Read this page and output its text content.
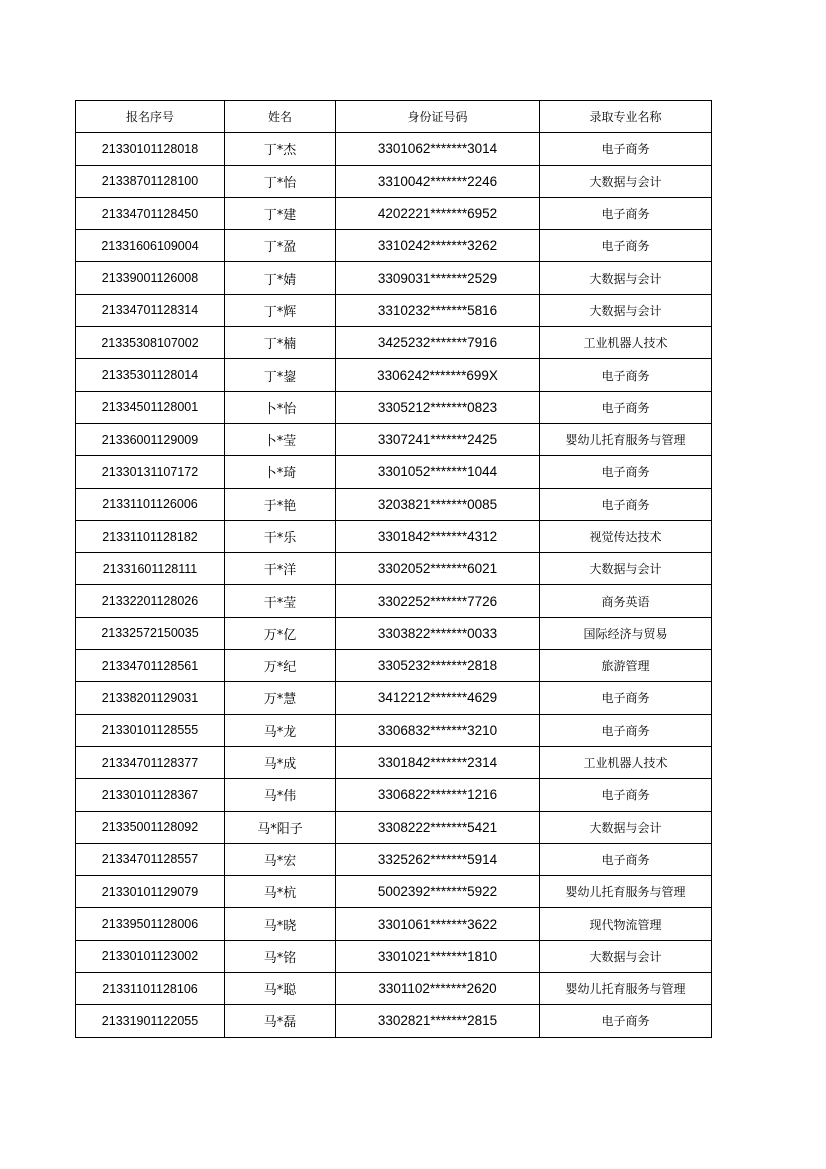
报名序号	姓名	身份证号码	录取专业名称
21330101128018	丁*杰	3301062*******3014	电子商务
21338701128100	丁*怡	3310042*******2246	大数据与会计
21334701128450	丁*建	4202221*******6952	电子商务
21331606109004	丁*盈	3310242*******3262	电子商务
21339001126008	丁*婧	3309031*******2529	大数据与会计
21334701128314	丁*辉	3310232*******5816	大数据与会计
21335308107002	丁*楠	3425232*******7916	工业机器人技术
21335301128014	丁*鋆	3306242*******699X	电子商务
21334501128001	卜*怡	3305212*******0823	电子商务
21336001129009	卜*莹	3307241*******2425	婴幼儿托育服务与管理
21330131107172	卜*琦	3301052*******1044	电子商务
21331101126006	于*艳	3203821*******0085	电子商务
21331101128182	干*乐	3301842*******4312	视觉传达技术
21331601128111	干*洋	3302052*******6021	大数据与会计
21332201128026	干*莹	3302252*******7726	商务英语
21332572150035	万*亿	3303822*******0033	国际经济与贸易
21334701128561	万*纪	3305232*******2818	旅游管理
21338201129031	万*慧	3412212*******4629	电子商务
21330101128555	马*龙	3306832*******3210	电子商务
21334701128377	马*成	3301842*******2314	工业机器人技术
21330101128367	马*伟	3306822*******1216	电子商务
21335001128092	马*阳子	3308222*******5421	大数据与会计
21334701128557	马*宏	3325262*******5914	电子商务
21330101129079	马*杭	5002392*******5922	婴幼儿托育服务与管理
21339501128006	马*晓	3301061*******3622	现代物流管理
21330101123002	马*铭	3301021*******1810	大数据与会计
21331101128106	马*聪	3301102*******2620	婴幼儿托育服务与管理
21331901122055	马*磊	3302821*******2815	电子商务
